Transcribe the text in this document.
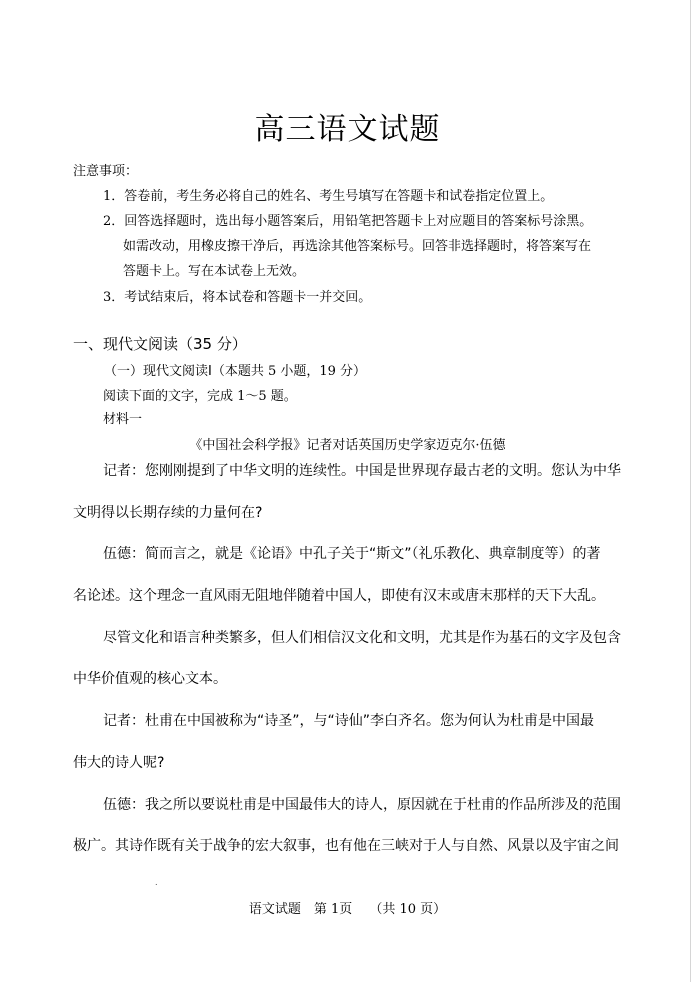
高三语文试题
注意事项：
1．答卷前，考生务必将自己的姓名、考生号填写在答题卡和试卷指定位置上。
2．回答选择题时，选出每小题答案后，用铅笔把答题卡上对应题目的答案标号涂黑。
如需改动，用橡皮擦干净后，再选涂其他答案标号。回答非选择题时，将答案写在
答题卡上。写在本试卷上无效。
3．考试结束后，将本试卷和答题卡一并交回。
一、现代文阅读（35 分）
（一）现代文阅读Ⅰ（本题共 5 小题，19 分）
阅读下面的文字，完成 1～5 题。
材料一
《中国社会科学报》记者对话英国历史学家迈克尔·伍德
记者：您刚刚提到了中华文明的连续性。中国是世界现存最古老的文明。您认为中华
文明得以长期存续的力量何在?
伍德：简而言之，就是《论语》中孔子关于“斯文”（礼乐教化、典章制度等）的著
名论述。这个理念一直风雨无阻地伴随着中国人，即使有汉末或唐末那样的天下大乱。
尽管文化和语言种类繁多，但人们相信汉文化和文明，尤其是作为基石的文字及包含
中华价值观的核心文本。
记者：杜甫在中国被称为“诗圣”，与“诗仙”李白齐名。您为何认为杜甫是中国最
伟大的诗人呢?
伍德：我之所以要说杜甫是中国最伟大的诗人，原因就在于杜甫的作品所涉及的范围
极广。其诗作既有关于战争的宏大叙事，也有他在三峡对于人与自然、风景以及宇宙之间
.
语文试题　第 1页　 （共 10 页）
